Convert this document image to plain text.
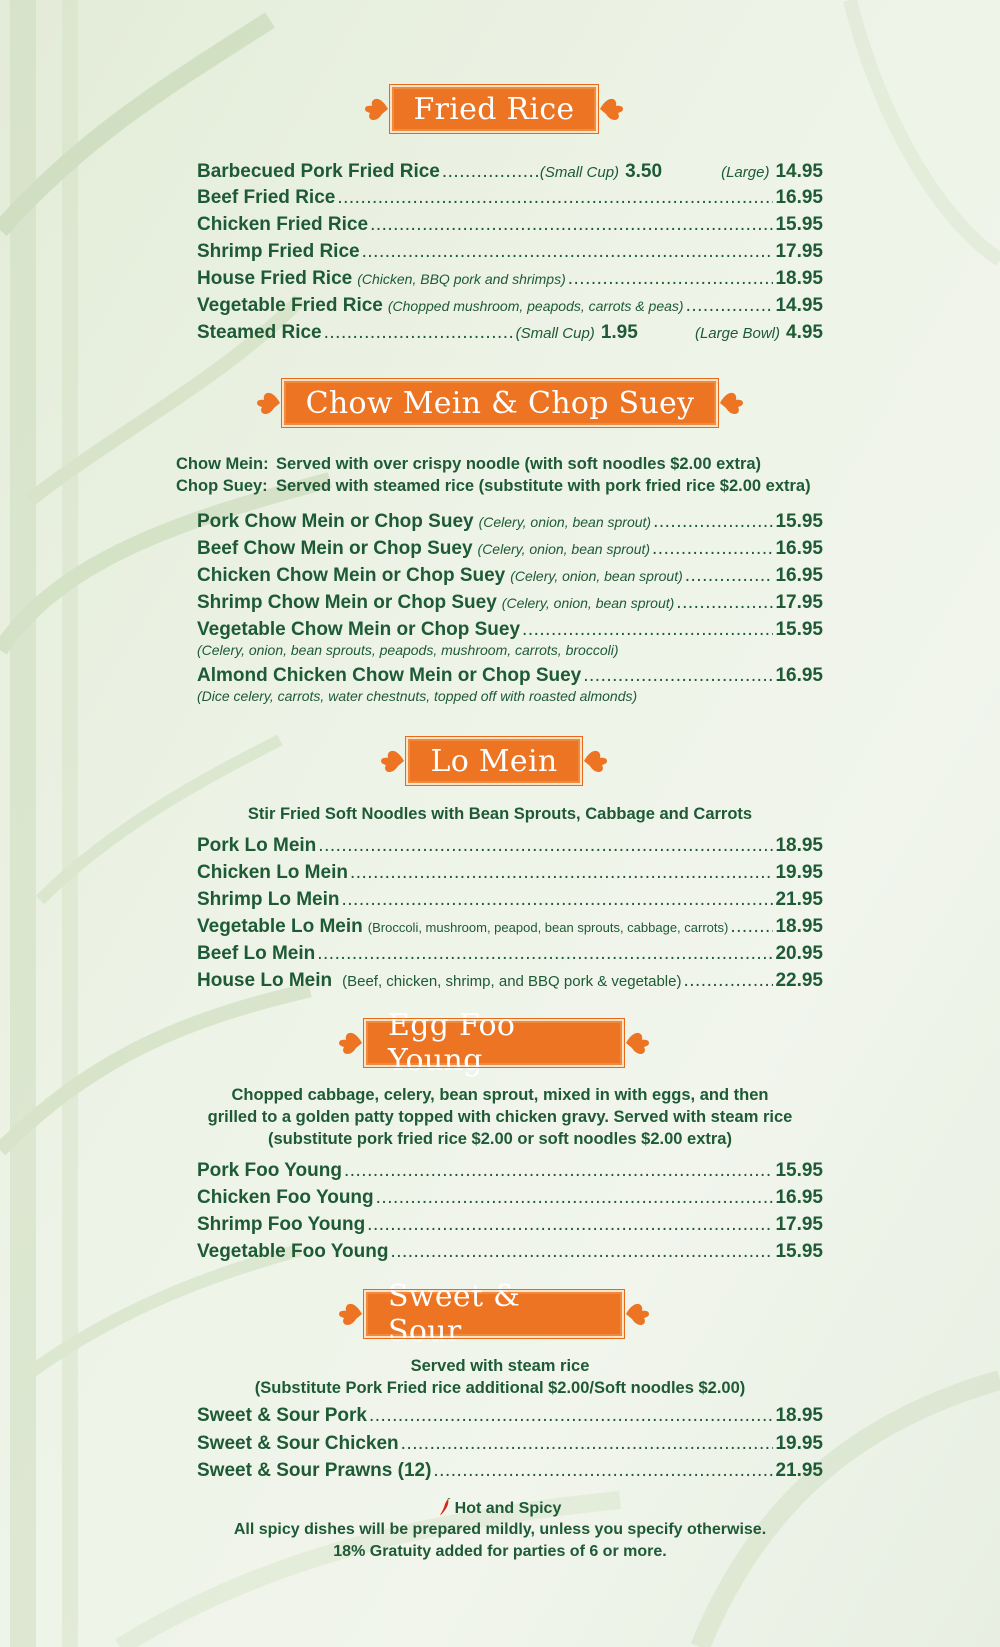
Fried Rice
Barbecued Pork Fried Rice .....	(Small Cup) 3.50	(Large) 14.95
Beef Fried Rice .....	16.95
Chicken Fried Rice .....	15.95
Shrimp Fried Rice .....	17.95
House Fried Rice (Chicken, BBQ pork and shrimps) .....	18.95
Vegetable Fried Rice (Chopped mushroom, peapods, carrots & peas) .....	14.95
Steamed Rice .....	(Small Cup) 1.95	(Large Bowl) 4.95
Chow Mein & Chop Suey
Chow Mein: Served with over crispy noodle (with soft noodles $2.00 extra)
Chop Suey: Served with steamed rice (substitute with pork fried rice $2.00 extra)
Pork Chow Mein or Chop Suey (Celery, onion, bean sprout) .....	15.95
Beef Chow Mein or Chop Suey (Celery, onion, bean sprout) .....	16.95
Chicken Chow Mein or Chop Suey (Celery, onion, bean sprout) .....	16.95
Shrimp Chow Mein or Chop Suey (Celery, onion, bean sprout) .....	17.95
Vegetable Chow Mein or Chop Suey .....	15.95
(Celery, onion, bean sprouts, peapods, mushroom, carrots, broccoli)
Almond Chicken Chow Mein or Chop Suey .....	16.95
(Dice celery, carrots, water chestnuts, topped off with roasted almonds)
Lo Mein
Stir Fried Soft Noodles with Bean Sprouts, Cabbage and Carrots
Pork Lo Mein .....	18.95
Chicken Lo Mein .....	19.95
Shrimp Lo Mein .....	21.95
Vegetable Lo Mein (Broccoli, mushroom, peapod, bean sprouts, cabbage, carrots) ..... 18.95
Beef Lo Mein .....	20.95
House Lo Mein (Beef, chicken, shrimp, and BBQ pork & vegetable) .....	22.95
Egg Foo Young
Chopped cabbage, celery, bean sprout, mixed in with eggs, and then
grilled to a golden patty topped with chicken gravy. Served with steam rice
(substitute pork fried rice $2.00 or soft noodles $2.00 extra)
Pork Foo Young .....	15.95
Chicken Foo Young .....	16.95
Shrimp Foo Young .....	17.95
Vegetable Foo Young .....	15.95
Sweet & Sour
Served with steam rice
(Substitute Pork Fried rice additional $2.00/Soft noodles $2.00)
Sweet & Sour Pork .....	18.95
Sweet & Sour Chicken .....	19.95
Sweet & Sour Prawns (12) .....	21.95
Hot and Spicy
All spicy dishes will be prepared mildly, unless you specify otherwise.
18% Gratuity added for parties of 6 or more.
